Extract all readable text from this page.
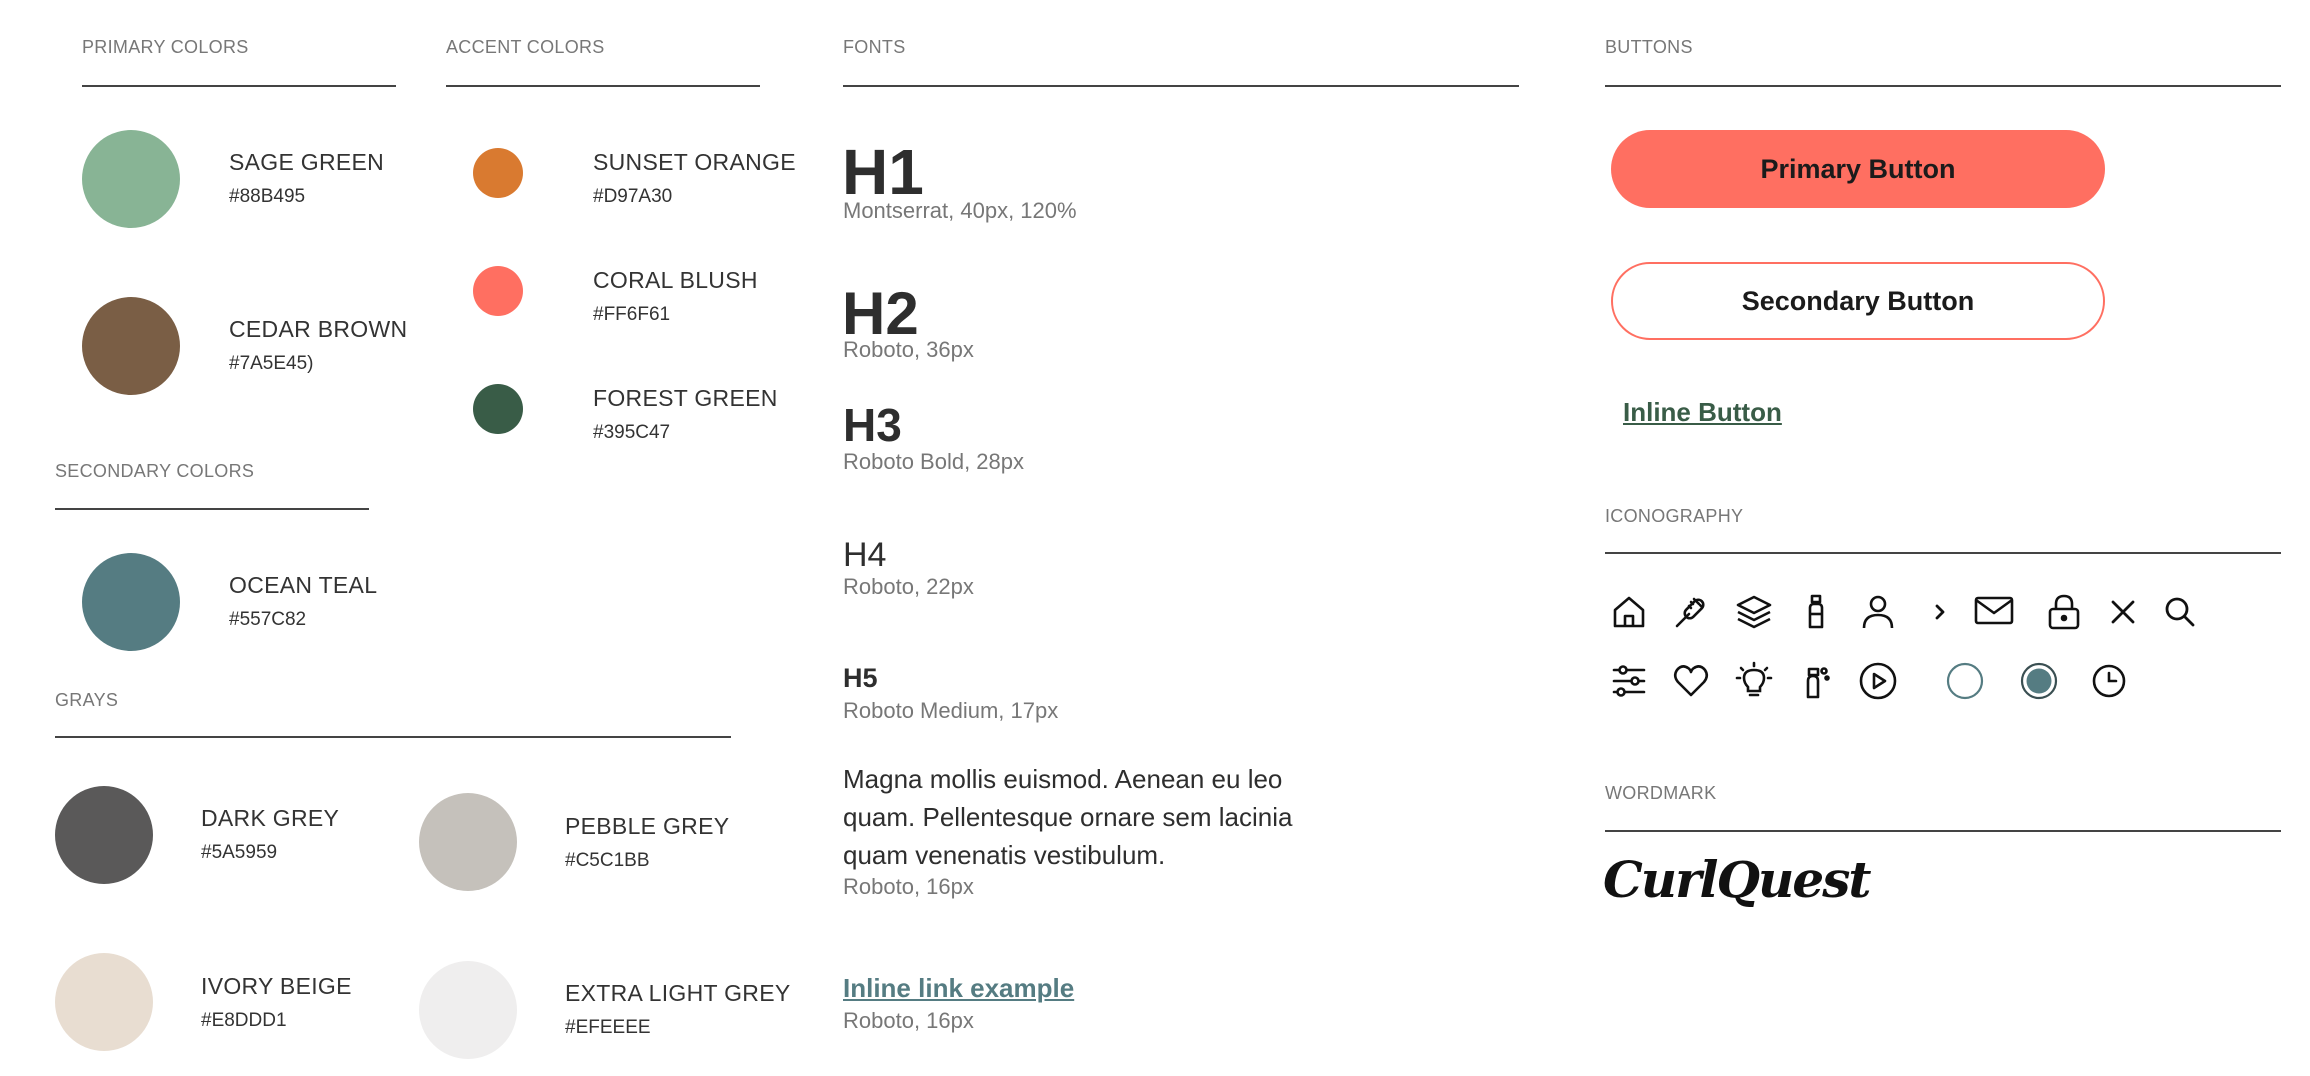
PRIMARY COLORS
SAGE GREEN
#88B495
CEDAR BROWN
#7A5E45)
ACCENT COLORS
SUNSET ORANGE
#D97A30
CORAL BLUSH
#FF6F61
FOREST GREEN
#395C47
SECONDARY COLORS
OCEAN TEAL
#557C82
GRAYS
DARK GREY
#5A5959
PEBBLE GREY
#C5C1BB
IVORY BEIGE
#E8DDD1
EXTRA LIGHT GREY
#EFEEEE
FONTS
H1
Montserrat, 40px, 120%
H2
Roboto, 36px
H3
Roboto Bold, 28px
H4
Roboto, 22px
H5
Roboto Medium, 17px
Magna mollis euismod. Aenean eu leo
quam. Pellentesque ornare sem lacinia
quam venenatis vestibulum.
Roboto, 16px
Inline link example
Roboto, 16px
BUTTONS
Primary Button
Secondary Button
Inline Button
ICONOGRAPHY
WORDMARK
CurlQuest
